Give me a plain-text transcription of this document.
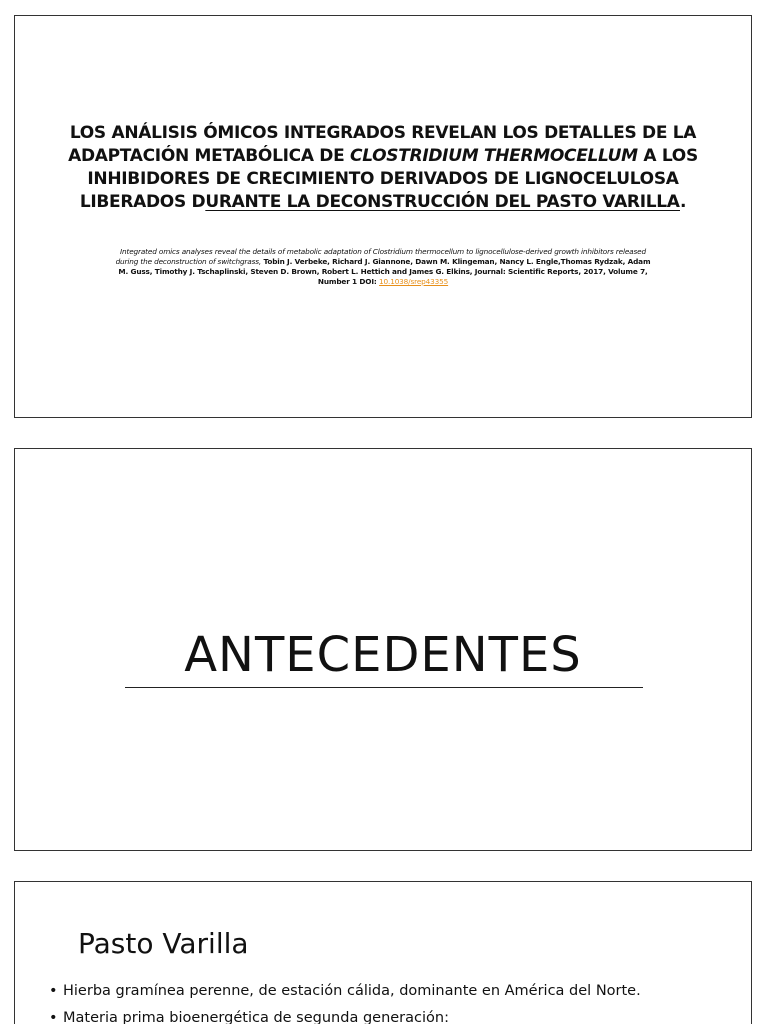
LOS ANÁLISIS ÓMICOS INTEGRADOS REVELAN LOS DETALLES DE LA ADAPTACIÓN METABÓLICA DE CLOSTRIDIUM THERMOCELLUM A LOS INHIBIDORES DE CRECIMIENTO DERIVADOS DE LIGNOCELULOSA LIBERADOS DURANTE LA DECONSTRUCCIÓN DEL PASTO VARILLA.
Integrated omics analyses reveal the details of metabolic adaptation of Clostridium thermocellum to lignocellulose-derived growth inhibitors released during the deconstruction of switchgrass, Tobin J. Verbeke, Richard J. Giannone, Dawn M. Klingeman, Nancy L. Engle,Thomas Rydzak, Adam M. Guss, Timothy J. Tschaplinski, Steven D. Brown, Robert L. Hettich and James G. Elkins, Journal: Scientific Reports, 2017, Volume 7, Number 1 DOI: 10.1038/srep43355
ANTECEDENTES
Pasto Varilla
• Hierba gramínea perenne, de estación cálida, dominante en América del Norte.
• Materia prima bioenergética de segunda generación:
